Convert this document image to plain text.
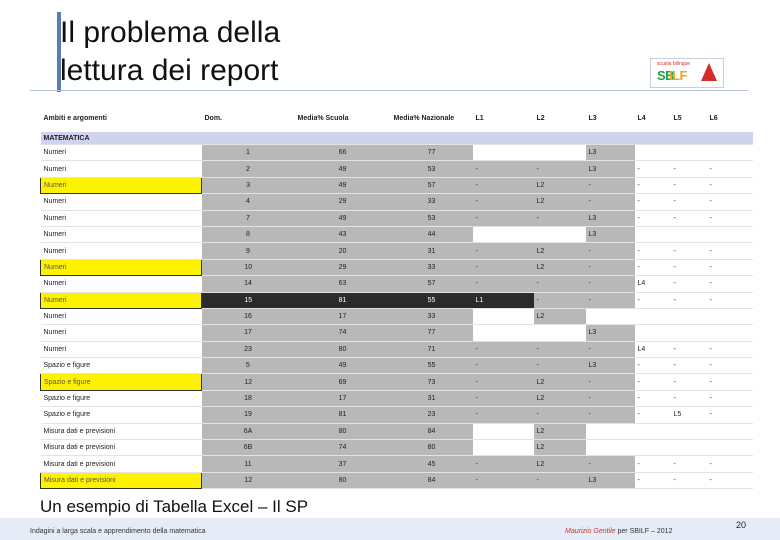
Il problema della
lettura dei report	scuola bilingue
SB
ILF
Ambiti e argomenti	Dom.	Media% Scuola	Media% Nazionale	L1	L2	L3	L4	L5	L6
MATEMATICA									
Numeri	1	66	77			L3			
Numeri	2	49	53	-	-	L3	-	-	-
Numeri	3	49	57	-	L2	-	-	-	-
Numeri	4	29	33	-	L2	-	-	-	-
Numeri	7	49	53	-	-	L3	-	-	-
Numeri	8	43	44			L3			
Numeri	9	20	31	-	L2	-	-	-	-
Numeri	10	29	33	-	L2	-	-	-	-
Numeri	14	63	57	-	-	-	L4	-	-
Numeri	15	81	55	L1	-	-	-	-	-
Numeri	16	17	33		L2				
Numeri	17	74	77			L3			
Numeri	23	80	71	-	-	-	L4	-	-
Spazio e figure	5	49	55	-	-	L3	-	-	-
Spazio e figure	12	69	73	-	L2	-	-	-	-
Spazio e figure	18	17	31	-	L2	-	-	-	-
Spazio e figure	19	81	23	-	-	-	-	L5	-
Misura dati e previsioni	6A	80	84		L2				
Misura dati e previsioni	6B	74	80		L2				
Misura dati e previsioni	11	37	45	-	L2	-	-	-	-
Misura dati e previsioni	12	80	84	-	-	L3	-	-	-
Un esempio di Tabella Excel – Il SP
Indagini a larga scala e apprendimento della matematica	Maurizio Gentile per SBILF – 2012
20
